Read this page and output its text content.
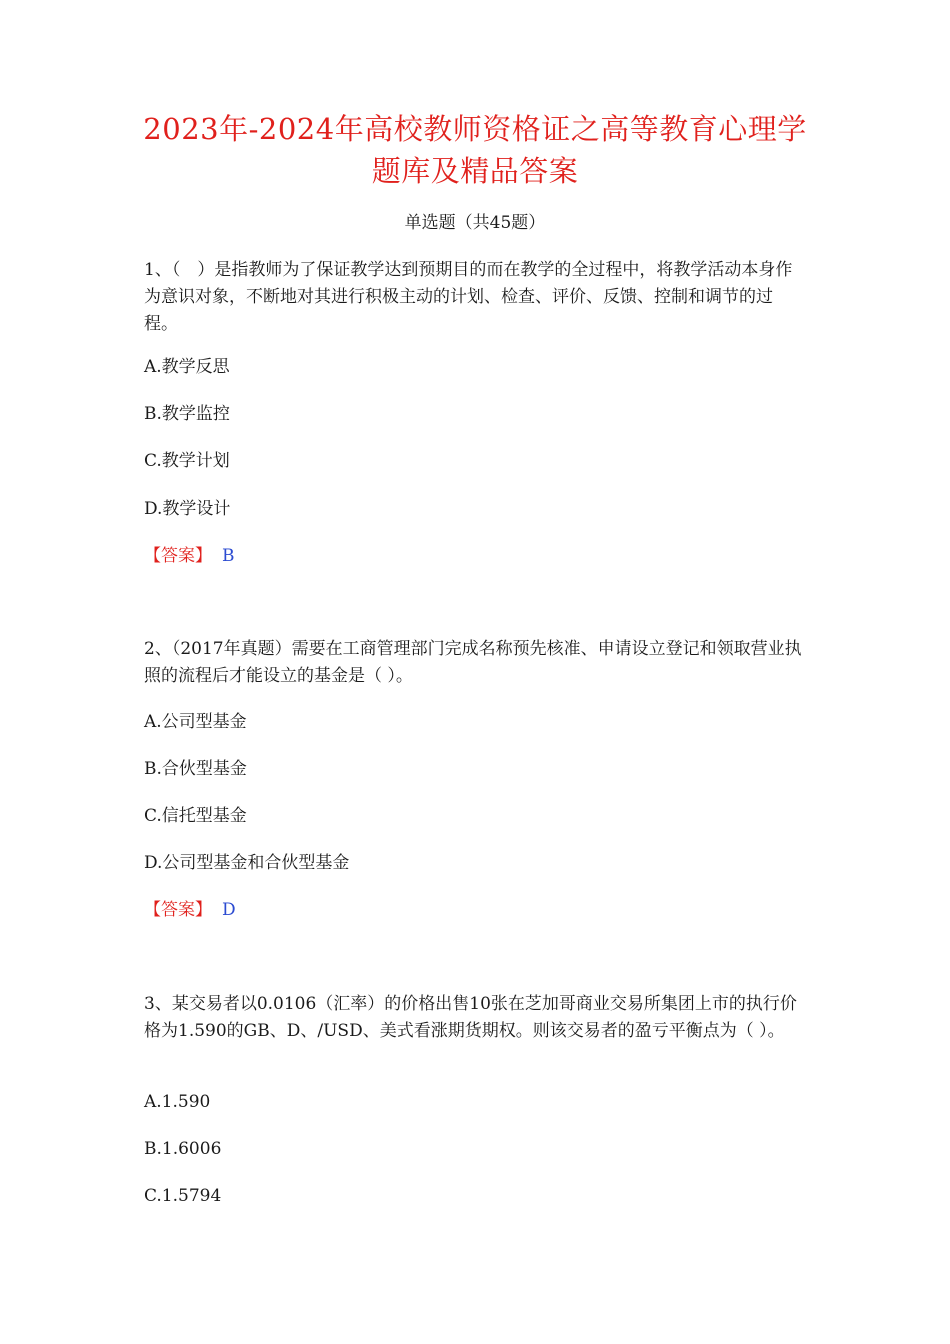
2023年-2024年高校教师资格证之高等教育心理学
题库及精品答案
单选题（共45题）
1、（　）是指教师为了保证教学达到预期目的而在教学的全过程中，将教学活动本身作为意识对象，不断地对其进行积极主动的计划、检查、评价、反馈、控制和调节的过程。
A.教学反思
B.教学监控
C.教学计划
D.教学设计
【答案】 B
2、（2017年真题）需要在工商管理部门完成名称预先核准、申请设立登记和领取营业执照的流程后才能设立的基金是（ ）。
A.公司型基金
B.合伙型基金
C.信托型基金
D.公司型基金和合伙型基金
【答案】 D
3、某交易者以0.0106（汇率）的价格出售10张在芝加哥商业交易所集团上市的执行价格为1.590的GB、D、/USD、美式看涨期货期权。则该交易者的盈亏平衡点为（ ）。
A.1.590
B.1.6006
C.1.5794
